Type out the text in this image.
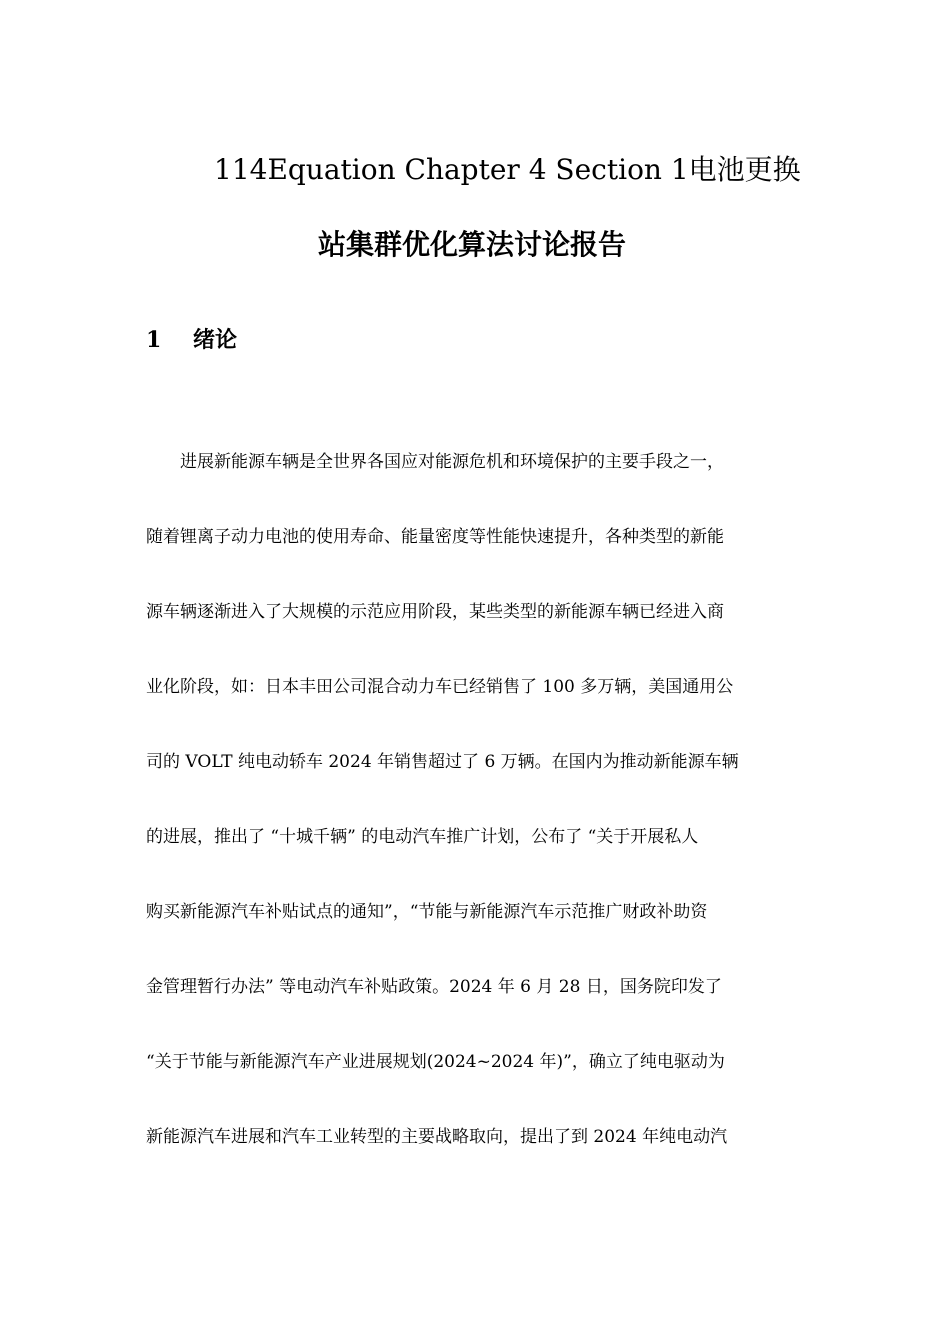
114Equation Chapter 4 Section 1电池更换
站集群优化算法讨论报告
1 绪论
进展新能源车辆是全世界各国应对能源危机和环境保护的主要手段之一，
随着锂离子动力电池的使用寿命、能量密度等性能快速提升，各种类型的新能
源车辆逐渐进入了大规模的示范应用阶段，某些类型的新能源车辆已经进入商
业化阶段，如：日本丰田公司混合动力车已经销售了 100 多万辆，美国通用公
司的 VOLT 纯电动轿车 2024 年销售超过了 6 万辆。在国内为推动新能源车辆
的进展，推出了 “十城千辆” 的电动汽车推广计划，公布了 “关于开展私人
购买新能源汽车补贴试点的通知”，“节能与新能源汽车示范推广财政补助资
金管理暂行办法” 等电动汽车补贴政策。2024 年 6 月 28 日，国务院印发了
“关于节能与新能源汽车产业进展规划(2024~2024 年)”，确立了纯电驱动为
新能源汽车进展和汽车工业转型的主要战略取向，提出了到 2024 年纯电动汽
